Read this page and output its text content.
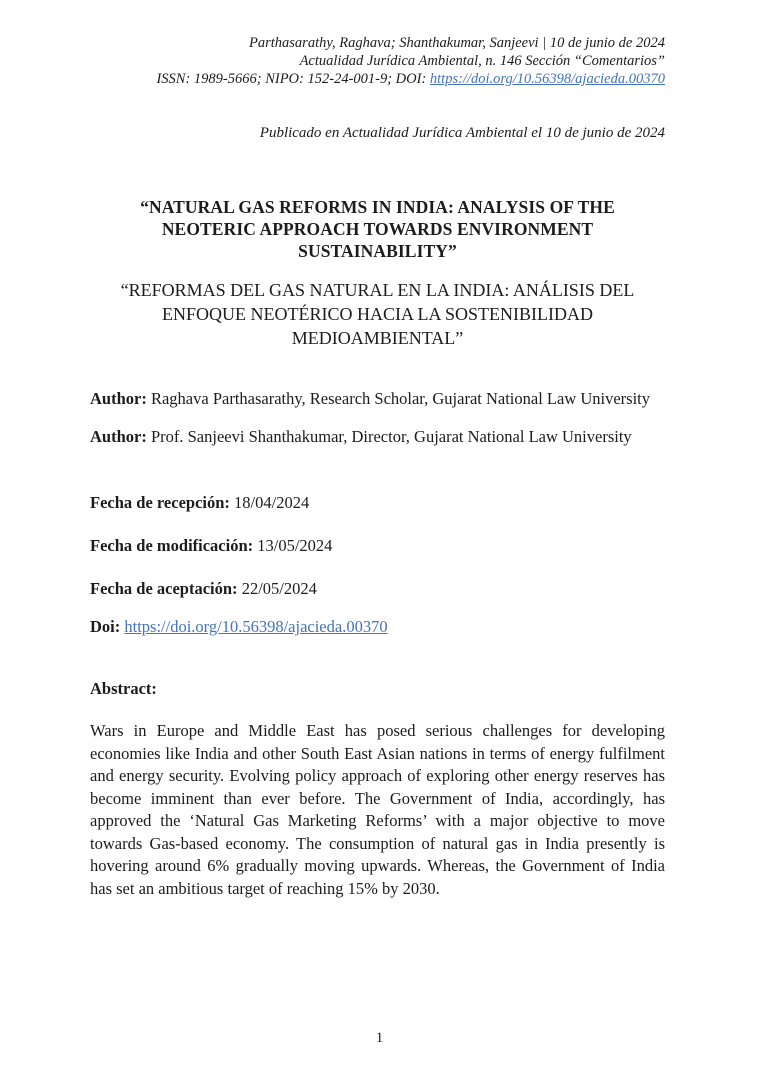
Parthasarathy, Raghava; Shanthakumar, Sanjeevi | 10 de junio de 2024
Actualidad Jurídica Ambiental, n. 146 Sección “Comentarios”
ISSN: 1989-5666; NIPO: 152-24-001-9; DOI: https://doi.org/10.56398/ajacieda.00370
Publicado en Actualidad Jurídica Ambiental el 10 de junio de 2024
“NATURAL GAS REFORMS IN INDIA: ANALYSIS OF THE NEOTERIC APPROACH TOWARDS ENVIRONMENT SUSTAINABILITY”
“REFORMAS DEL GAS NATURAL EN LA INDIA: ANÁLISIS DEL ENFOQUE NEOTÉRICO HACIA LA SOSTENIBILIDAD MEDIOAMBIENTAL”

Author: Raghava Parthasarathy, Research Scholar, Gujarat National Law University

Author: Prof. Sanjeevi Shanthakumar, Director, Gujarat National Law University

Fecha de recepción: 18/04/2024

Fecha de modificación: 13/05/2024

Fecha de aceptación: 22/05/2024

Doi: https://doi.org/10.56398/ajacieda.00370

Abstract:

Wars in Europe and Middle East has posed serious challenges for developing economies like India and other South East Asian nations in terms of energy fulfilment and energy security. Evolving policy approach of exploring other energy reserves has become imminent than ever before. The Government of India, accordingly, has approved the ‘Natural Gas Marketing Reforms’ with a major objective to move towards Gas-based economy. The consumption of natural gas in India presently is hovering around 6% gradually moving upwards. Whereas, the Government of India has set an ambitious target of reaching 15% by 2030.

1
